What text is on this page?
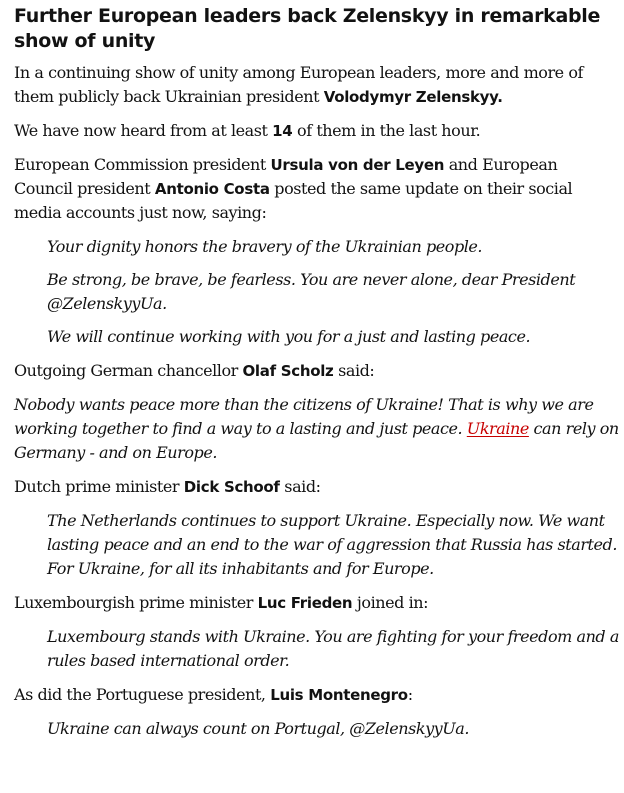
Further European leaders back Zelenskyy in remarkable show of unity

In a continuing show of unity among European leaders, more and more of them publicly back Ukrainian president Volodymyr Zelenskyy.

We have now heard from at least 14 of them in the last hour.

European Commission president Ursula von der Leyen and European Council president Antonio Costa posted the same update on their social media accounts just now, saying:

Your dignity honors the bravery of the Ukrainian people.

Be strong, be brave, be fearless. You are never alone, dear President @ZelenskyyUa.

We will continue working with you for a just and lasting peace.

Outgoing German chancellor Olaf Scholz said:

Nobody wants peace more than the citizens of Ukraine! That is why we are working together to find a way to a lasting and just peace. Ukraine can rely on Germany - and on Europe.

Dutch prime minister Dick Schoof said:

The Netherlands continues to support Ukraine. Especially now. We want lasting peace and an end to the war of aggression that Russia has started. For Ukraine, for all its inhabitants and for Europe.

Luxembourgish prime minister Luc Frieden joined in:

Luxembourg stands with Ukraine. You are fighting for your freedom and a rules based international order.

As did the Portuguese president, Luis Montenegro:

Ukraine can always count on Portugal, @ZelenskyyUa.
